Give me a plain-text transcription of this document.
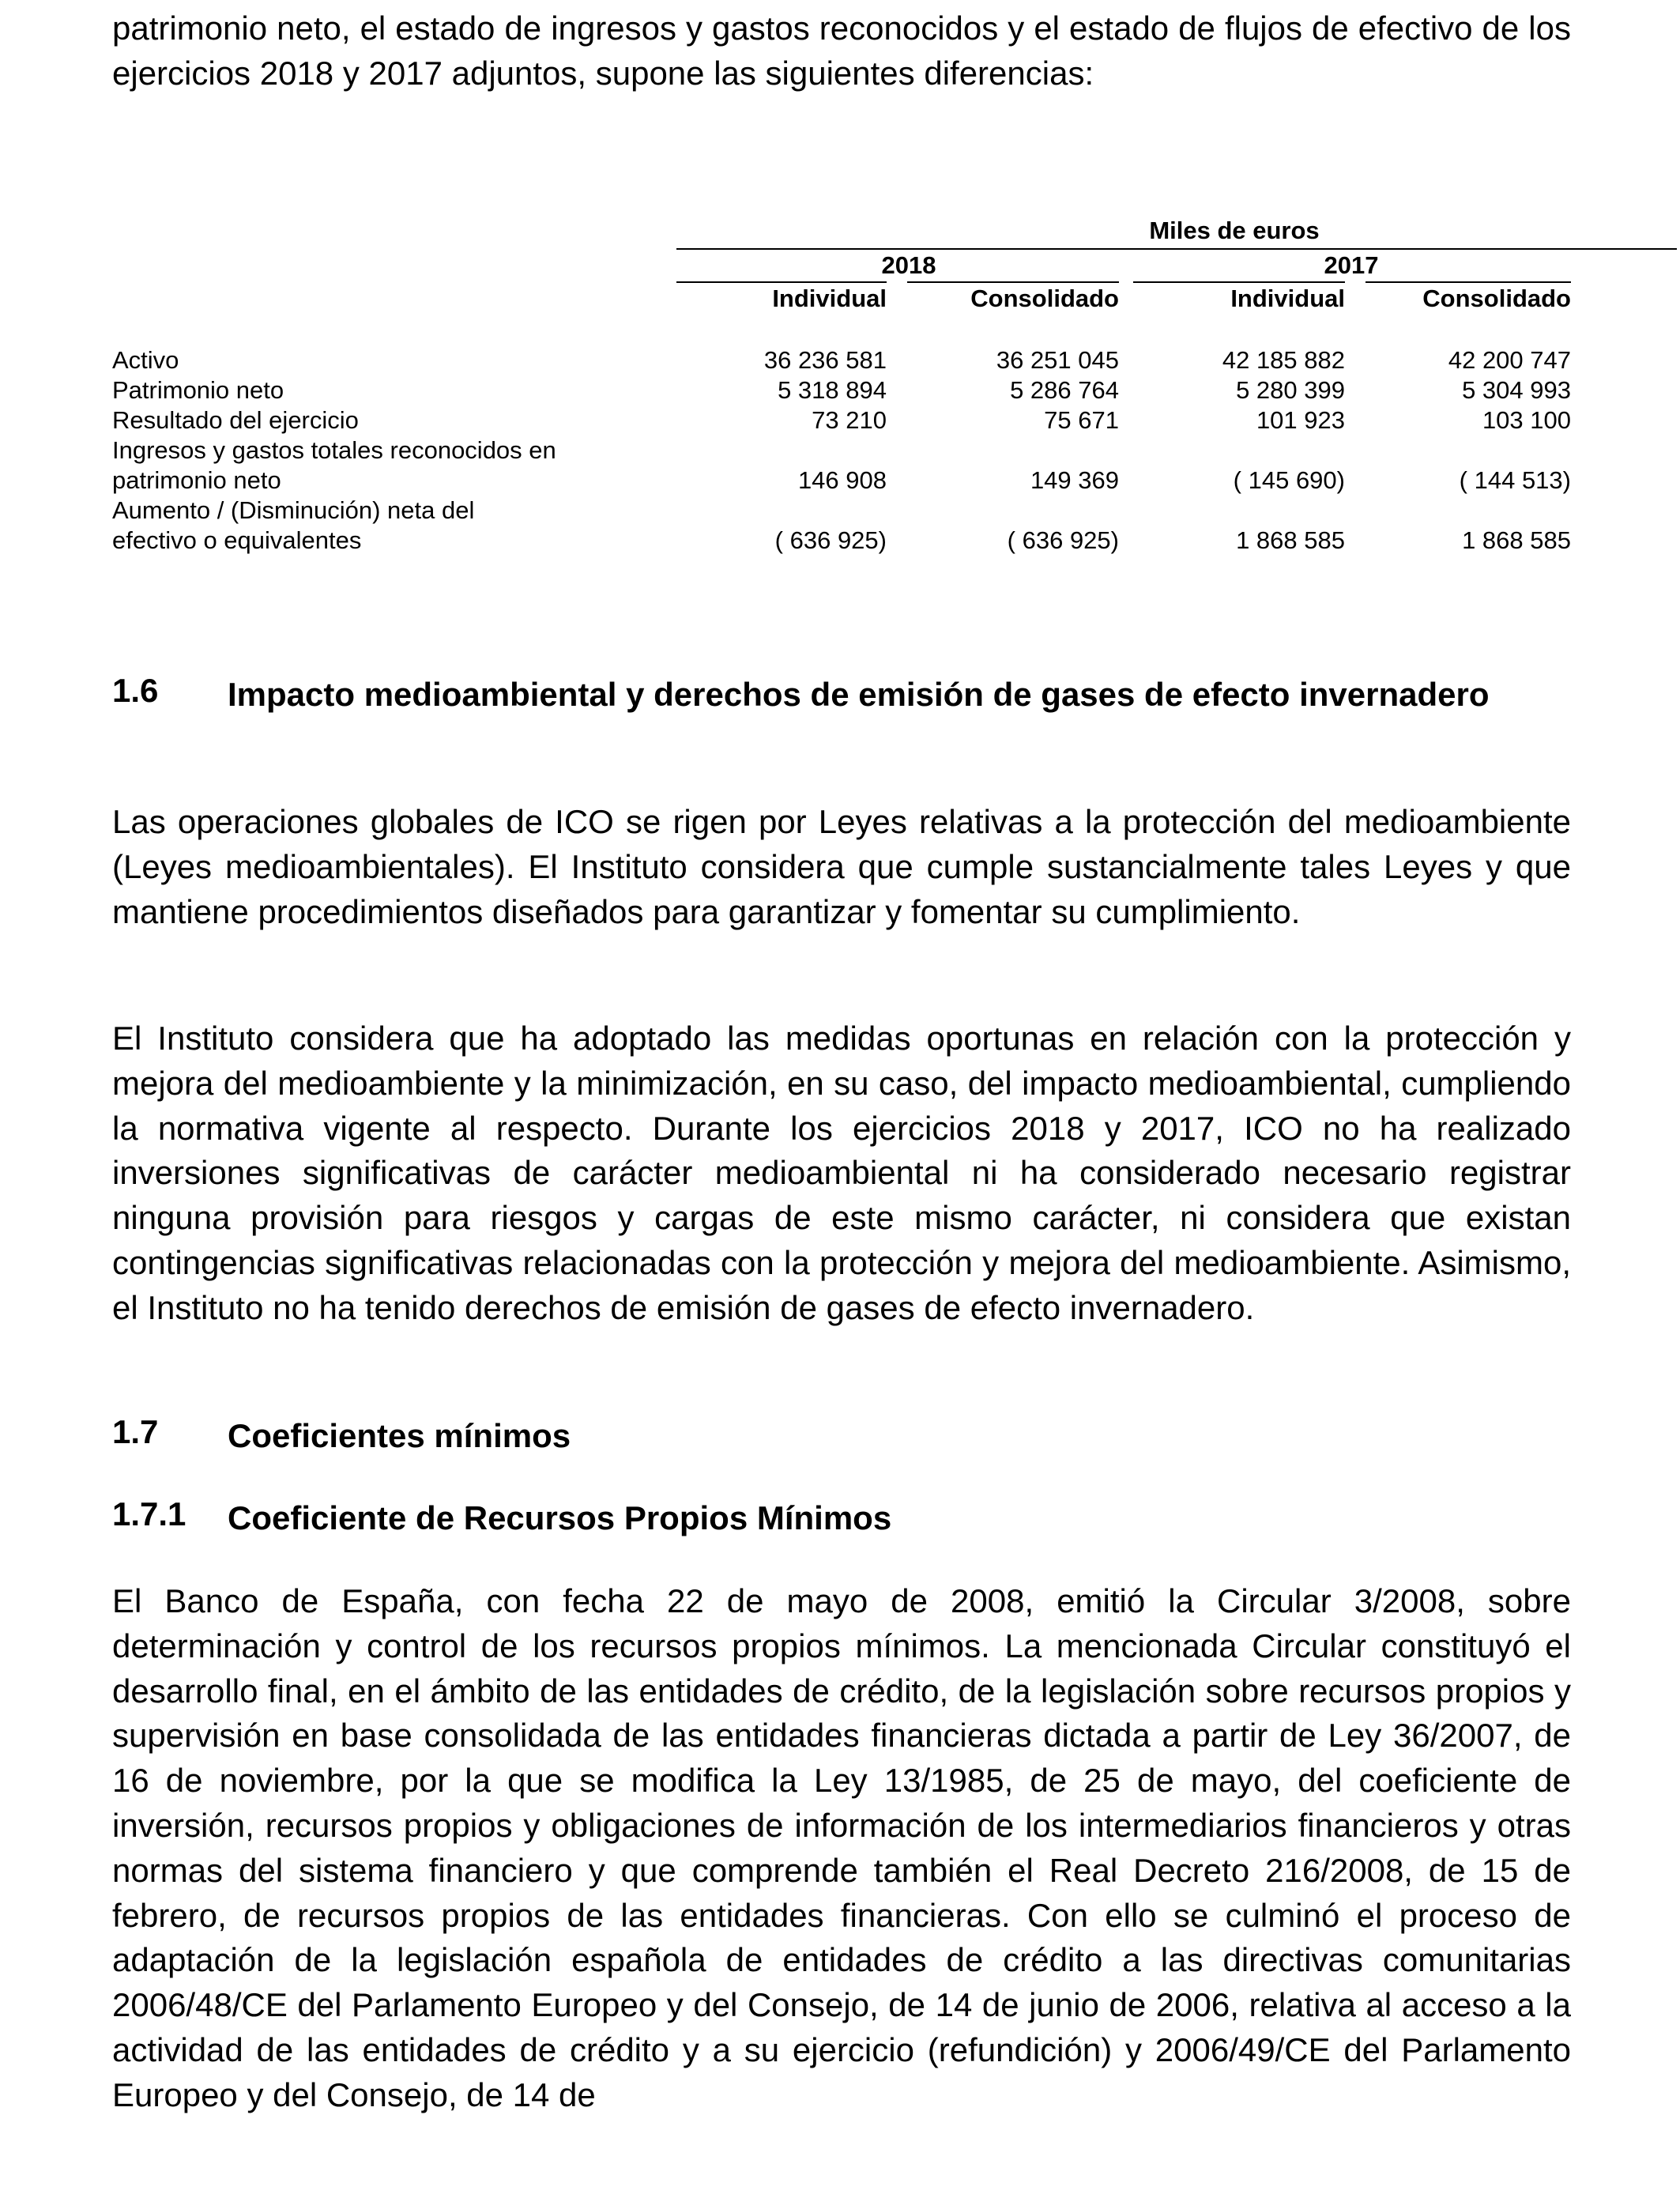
patrimonio neto, el estado de ingresos y gastos reconocidos y el estado de flujos de efectivo de los ejercicios 2018 y 2017 adjuntos, supone las siguientes diferencias:

Miles de euros
2018	2017
Individual	Consolidado	Individual	Consolidado
Activo	36 236 581	36 251 045	42 185 882	42 200 747
Patrimonio neto	5 318 894	5 286 764	5 280 399	5 304 993
Resultado del ejercicio	73 210	75 671	101 923	103 100
Ingresos y gastos totales reconocidos en
patrimonio neto	146 908	149 369	( 145 690)	( 144 513)
Aumento / (Disminución) neta del
efectivo o equivalentes	( 636 925)	( 636 925)	1 868 585	1 868 585
1.6 Impacto medioambiental y derechos de emisión de gases de efecto invernadero

Las operaciones globales de ICO se rigen por Leyes relativas a la protección del medioambiente (Leyes medioambientales). El Instituto considera que cumple sustancialmente tales Leyes y que mantiene procedimientos diseñados para garantizar y fomentar su cumplimiento.

El Instituto considera que ha adoptado las medidas oportunas en relación con la protección y mejora del medioambiente y la minimización, en su caso, del impacto medioambiental, cumpliendo la normativa vigente al respecto. Durante los ejercicios 2018 y 2017, ICO no ha realizado inversiones significativas de carácter medioambiental ni ha considerado necesario registrar ninguna provisión para riesgos y cargas de este mismo carácter, ni considera que existan contingencias significativas relacionadas con la protección y mejora del medioambiente. Asimismo, el Instituto no ha tenido derechos de emisión de gases de efecto invernadero.

1.7 Coeficientes mínimos
1.7.1 Coeficiente de Recursos Propios Mínimos

El Banco de España, con fecha 22 de mayo de 2008, emitió la Circular 3/2008, sobre determinación y control de los recursos propios mínimos. La mencionada Circular constituyó el desarrollo final, en el ámbito de las entidades de crédito, de la legislación sobre recursos propios y supervisión en base consolidada de las entidades financieras dictada a partir de Ley 36/2007, de 16 de noviembre, por la que se modifica la Ley 13/1985, de 25 de mayo, del coeficiente de inversión, recursos propios y obligaciones de información de los intermediarios financieros y otras normas del sistema financiero y que comprende también el Real Decreto 216/2008, de 15 de febrero, de recursos propios de las entidades financieras. Con ello se culminó el proceso de adaptación de la legislación española de entidades de crédito a las directivas comunitarias 2006/48/CE del Parlamento Europeo y del Consejo, de 14 de junio de 2006, relativa al acceso a la actividad de las entidades de crédito y a su ejercicio (refundición) y 2006/49/CE del Parlamento Europeo y del Consejo, de 14 de
